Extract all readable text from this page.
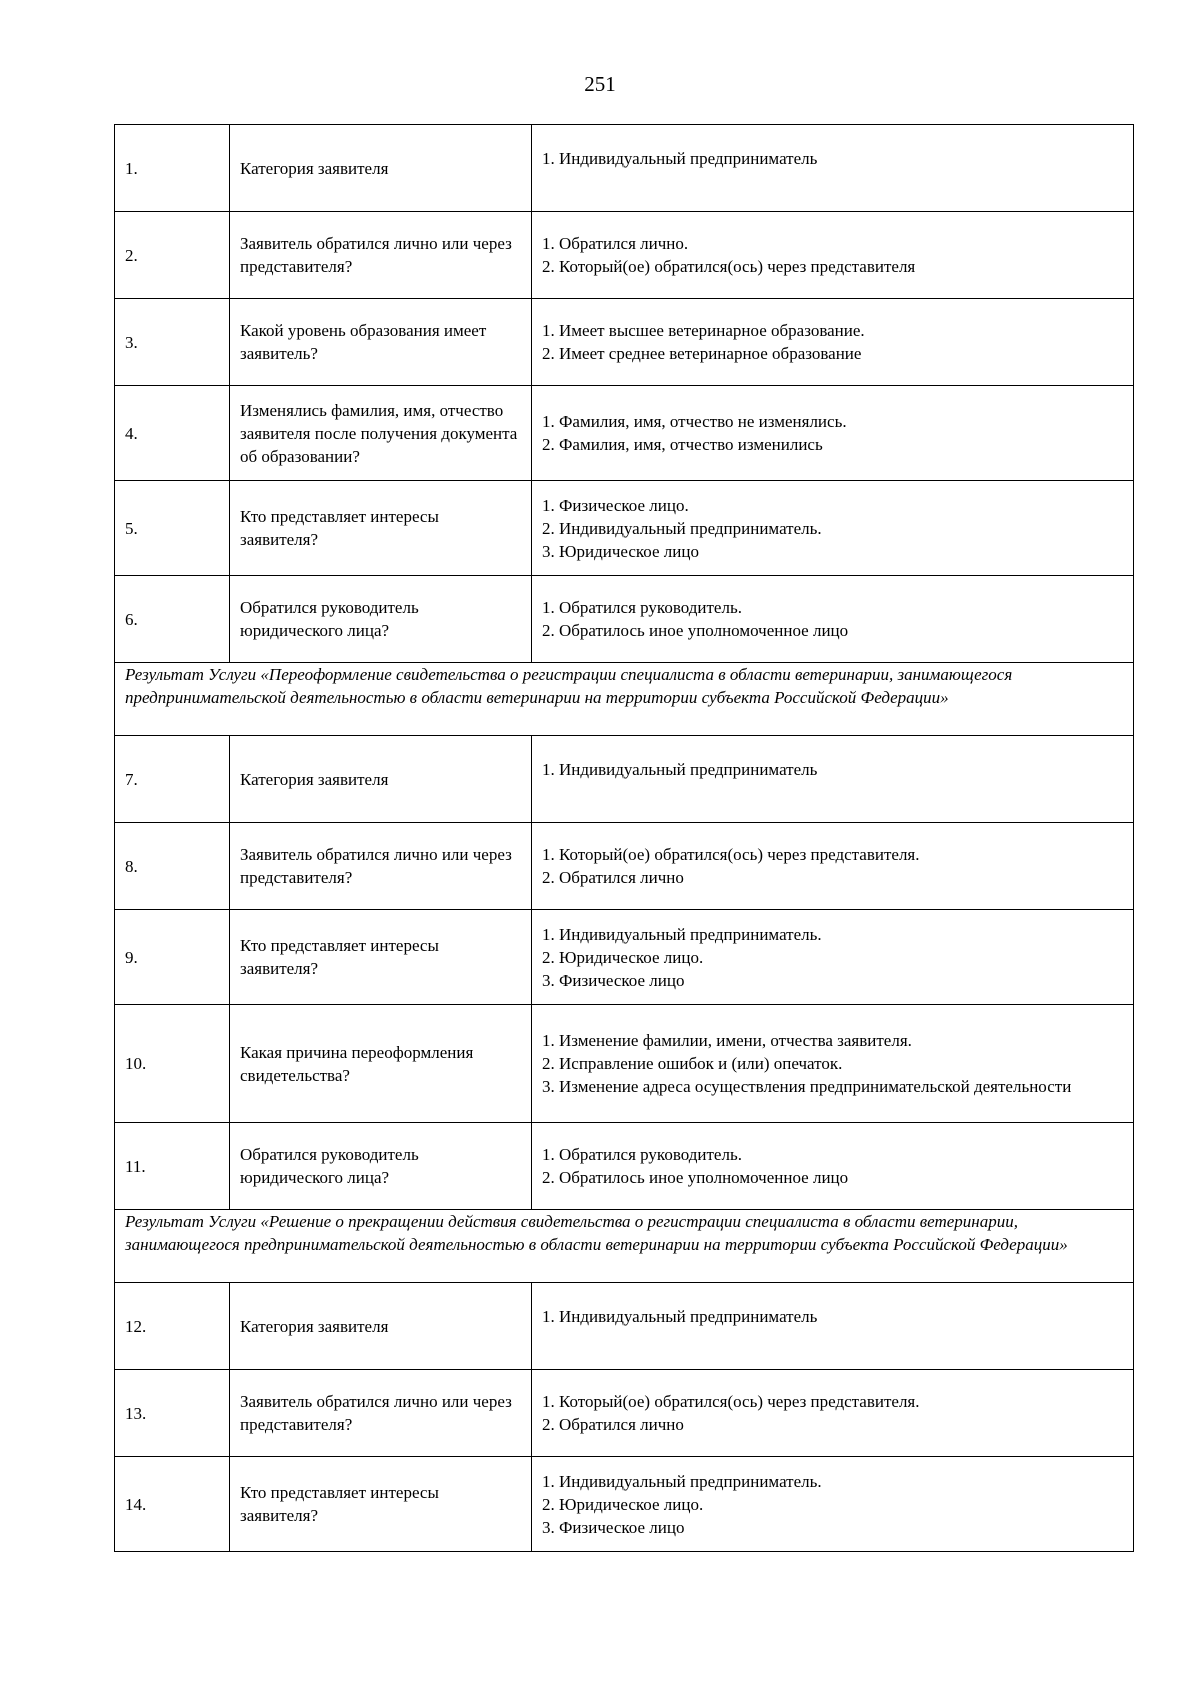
251
1.	Категория заявителя	1. Индивидуальный предприниматель

2.	Заявитель обратился лично или через представителя?	1. Обратился лично.
2. Который(ое) обратился(ось) через представителя

3.	Какой уровень образования имеет заявитель?	1. Имеет высшее ветеринарное образование.
2. Имеет среднее ветеринарное образование

4.	Изменялись фамилия, имя, отчество заявителя после получения документа об образовании?	1. Фамилия, имя, отчество не изменялись.
2. Фамилия, имя, отчество изменились

5.	Кто представляет интересы заявителя?	1. Физическое лицо.
2. Индивидуальный предприниматель.
3. Юридическое лицо

6.	Обратился руководитель юридического лица?	1. Обратился руководитель.
2. Обратилось иное уполномоченное лицо

Результат Услуги «Переоформление свидетельства о регистрации специалиста в области ветеринарии, занимающегося предпринимательской деятельностью в области ветеринарии на территории субъекта Российской Федерации»		
7.	Категория заявителя	1. Индивидуальный предприниматель

8.	Заявитель обратился лично или через представителя?	1. Который(ое) обратился(ось) через представителя.
2. Обратился лично

9.	Кто представляет интересы заявителя?	1. Индивидуальный предприниматель.
2. Юридическое лицо.
3. Физическое лицо

10.	Какая причина переоформления свидетельства?	1. Изменение фамилии, имени, отчества заявителя.
2. Исправление ошибок и (или) опечаток.
3. Изменение адреса осуществления предпринимательской деятельности

11.	Обратился руководитель юридического лица?	1. Обратился руководитель.
2. Обратилось иное уполномоченное лицо

Результат Услуги «Решение о прекращении действия свидетельства о регистрации специалиста в области ветеринарии, занимающегося предпринимательской деятельностью в области ветеринарии на территории субъекта Российской Федерации»		
12.	Категория заявителя	1. Индивидуальный предприниматель

13.	Заявитель обратился лично или через представителя?	1. Который(ое) обратился(ось) через представителя.
2. Обратился лично

14.	Кто представляет интересы заявителя?	1. Индивидуальный предприниматель.
2. Юридическое лицо.
3. Физическое лицо
